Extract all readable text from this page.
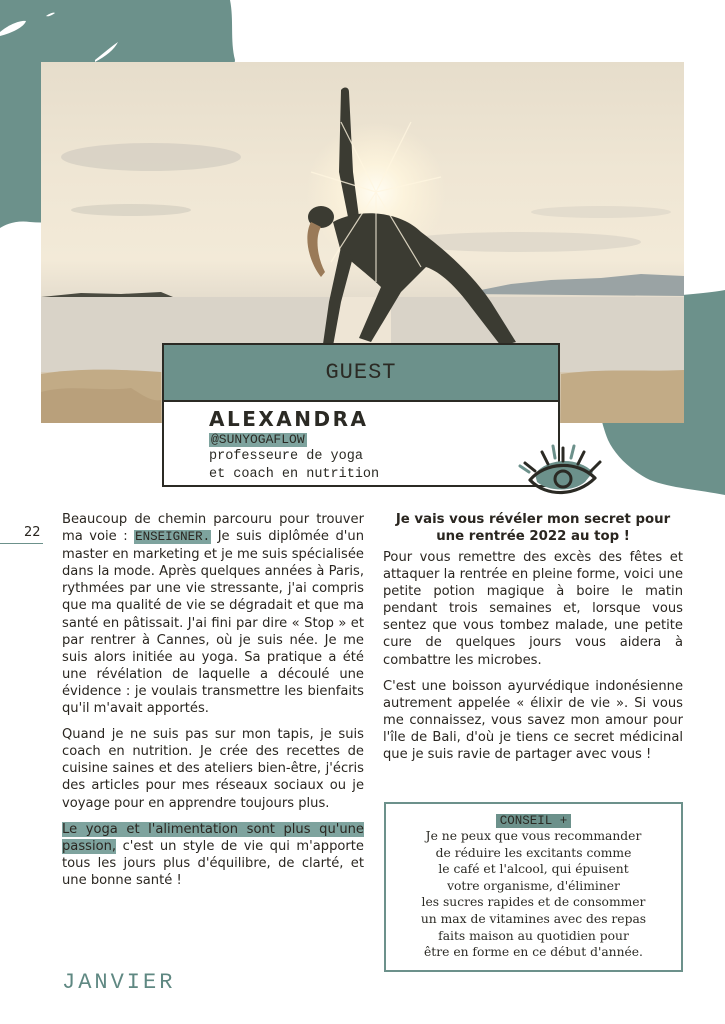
GUEST
ALEXANDRA
@SUNYOGAFLOW
professeure de yoga
et coach en nutrition
22

Beaucoup de chemin parcouru pour trouver ma voie : ENSEIGNER. Je suis diplômée d'un master en marketing et je me suis spécialisée dans la mode. Après quelques années à Paris, rythmées par une vie stressante, j'ai compris que ma qualité de vie se dégradait et que ma santé en pâtissait. J'ai fini par dire « Stop » et par rentrer à Cannes, où je suis née. Je me suis alors initiée au yoga. Sa pratique a été une révélation de laquelle a découlé une évidence : je voulais transmettre les bienfaits qu'il m'avait apportés.

Quand je ne suis pas sur mon tapis, je suis coach en nutrition. Je crée des recettes de cuisine saines et des ateliers bien-être, j'écris des articles pour mes réseaux sociaux ou je voyage pour en apprendre toujours plus.

Le yoga et l'alimentation sont plus qu'une passion, c'est un style de vie qui m'apporte tous les jours plus d'équilibre, de clarté, et une bonne santé !

Je vais vous révéler mon secret pour une rentrée 2022 au top !

Pour vous remettre des excès des fêtes et attaquer la rentrée en pleine forme, voici une petite potion magique à boire le matin pendant trois semaines et, lorsque vous sentez que vous tombez malade, une petite cure de quelques jours vous aidera à combattre les microbes.

C'est une boisson ayurvédique indonésienne autrement appelée « élixir de vie ». Si vous me connaissez, vous savez mon amour pour l'île de Bali, d'où je tiens ce secret médicinal que je suis ravie de partager avec vous !

CONSEIL +
Je ne peux que vous recommander
de réduire les excitants comme
le café et l'alcool, qui épuisent
votre organisme, d'éliminer
les sucres rapides et de consommer
un max de vitamines avec des repas
faits maison au quotidien pour
être en forme en ce début d'année.
JANVIER
